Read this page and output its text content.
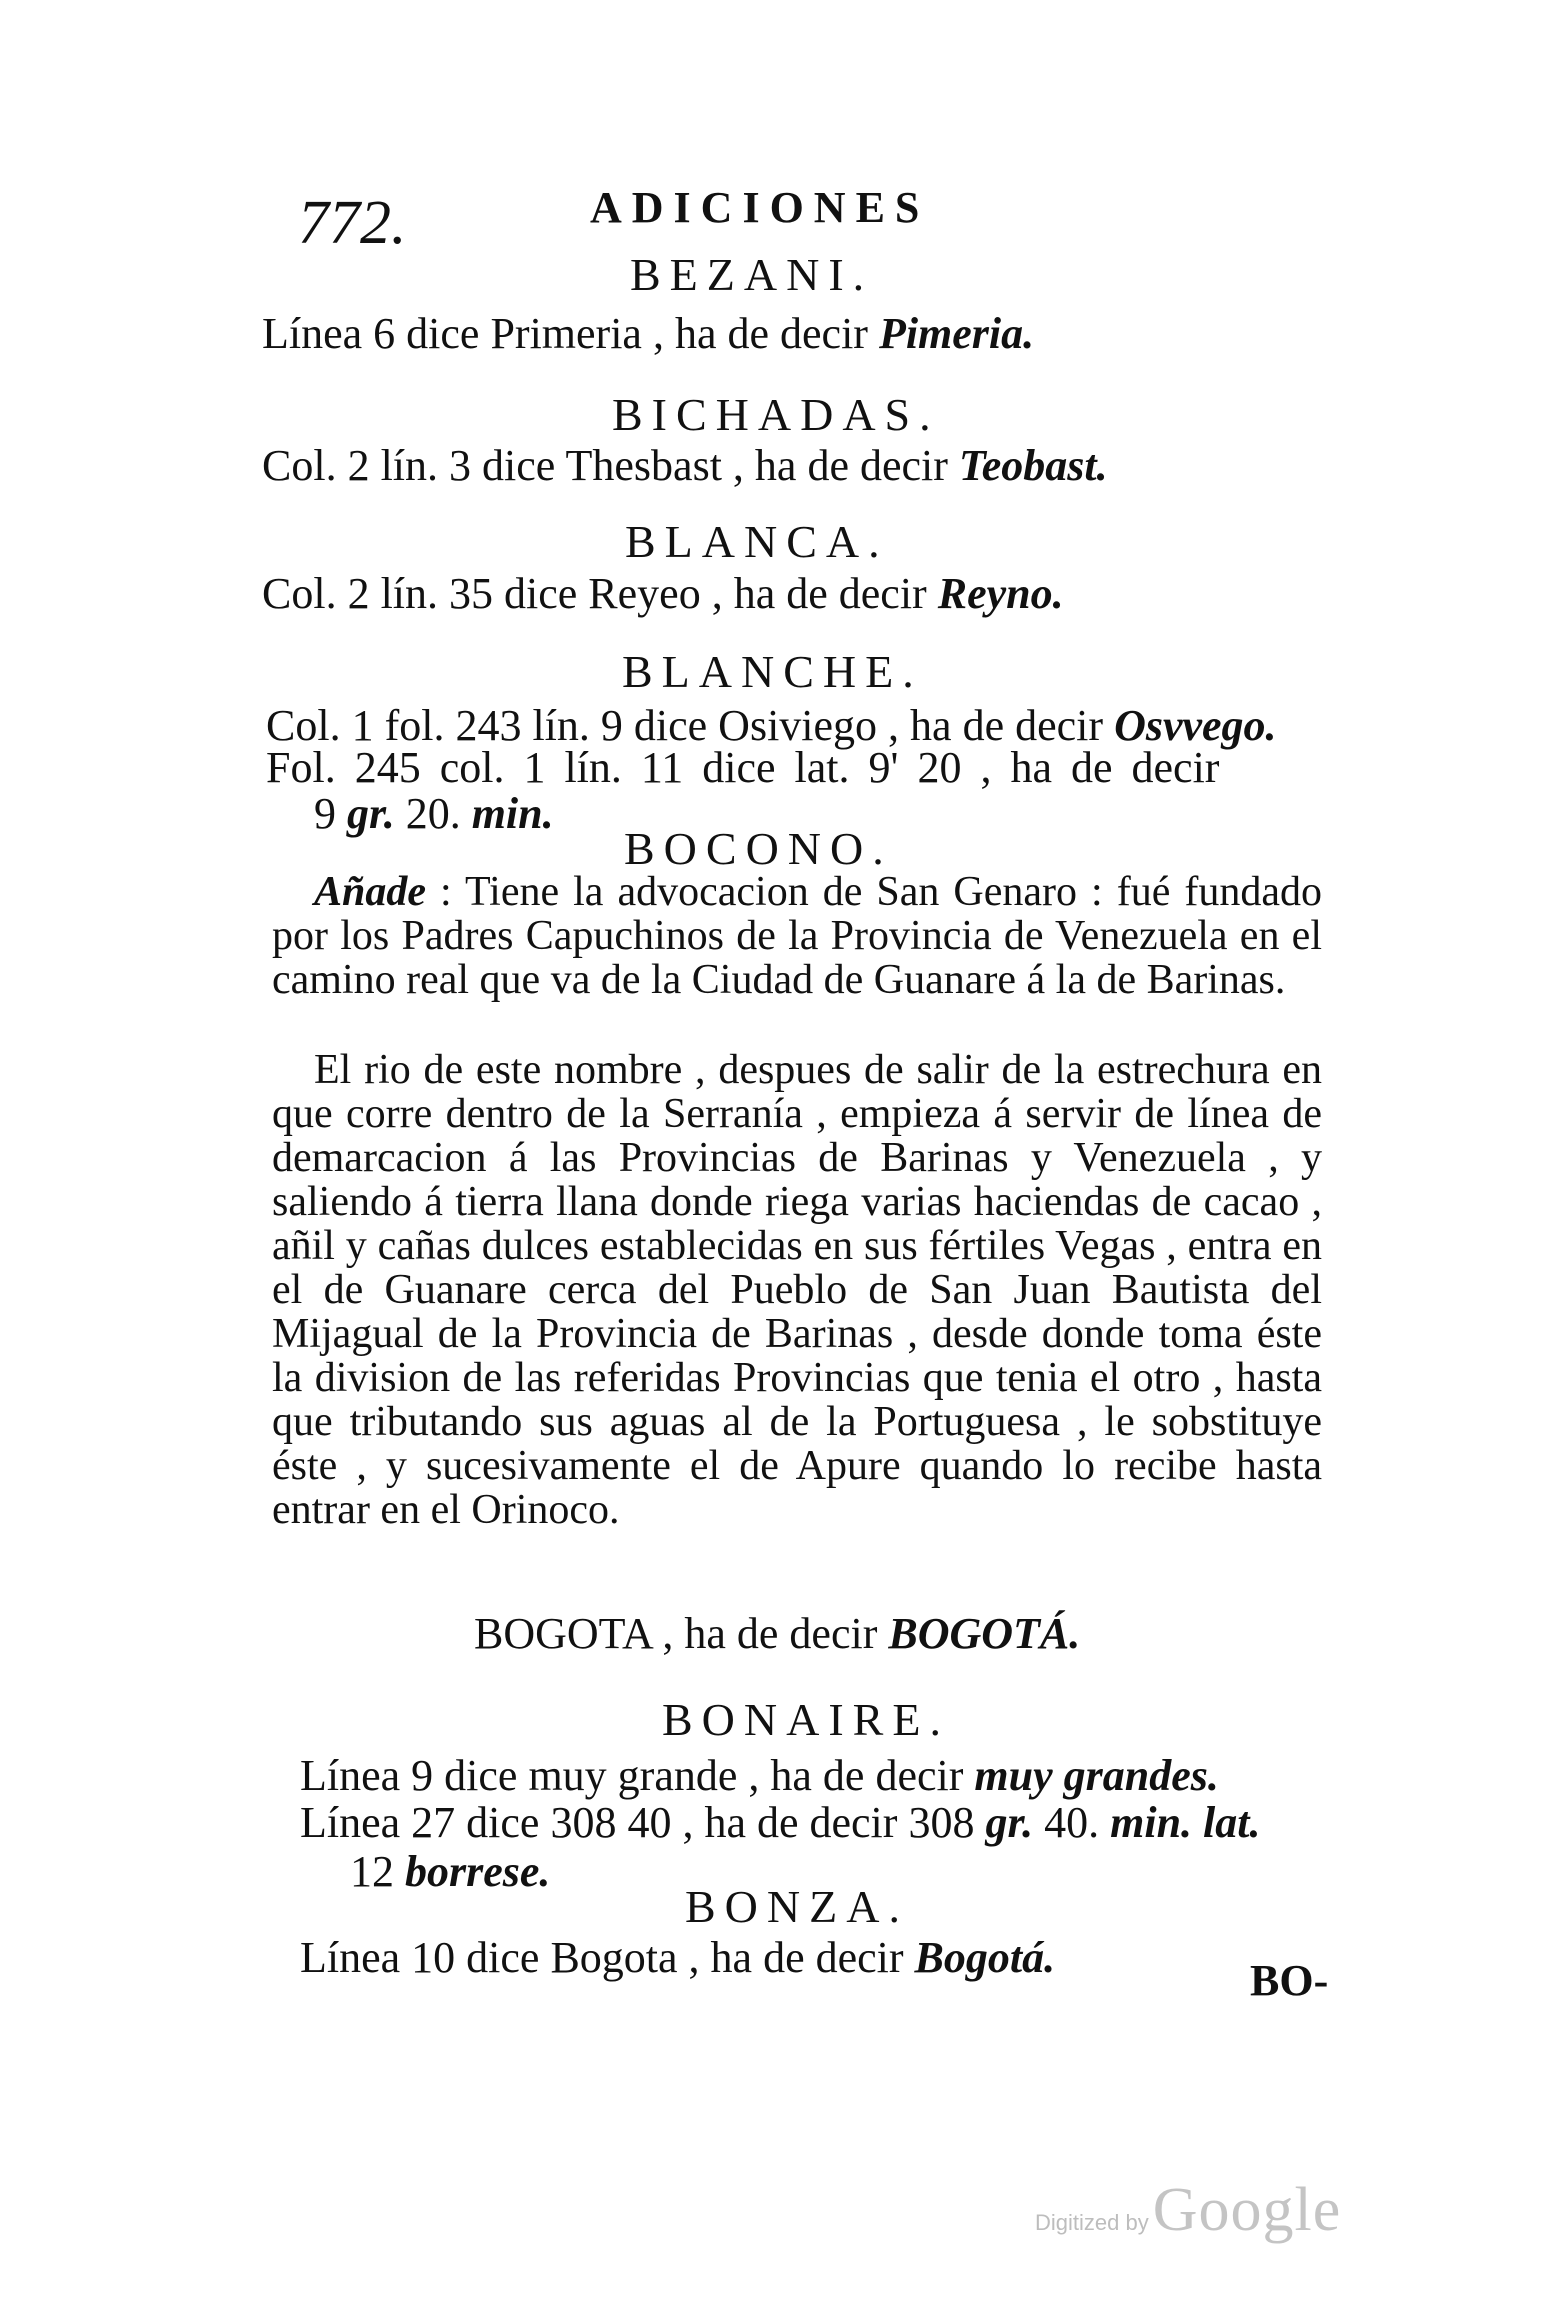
772.	ADICIONES
BEZANI.
Línea 6 dice Primeria , ha de decir Pimeria.
BICHADAS.
Col. 2 lín. 3 dice Thesbast , ha de decir Teobast.
BLANCA.
Col. 2 lín. 35 dice Reyeo , ha de decir Reyno.
BLANCHE.
Col. 1 fol. 243 lín. 9 dice Osiviego , ha de decir Osvvego.
Fol. 245 col. 1 lín. 11 dice lat. 9' 20 , ha de decir
9 gr. 20. min.
BOCONO.
Añade : Tiene la advocacion de San Genaro : fué fundado por los Padres Capuchinos de la Provincia de Venezuela en el camino real que va de la Ciudad de Guanare á la de Barinas.
El rio de este nombre , despues de salir de la estrechura en que corre dentro de la Serranía , empieza á servir de línea de demarcacion á las Provincias de Barinas y Venezuela , y saliendo á tierra llana donde riega varias haciendas de cacao , añil y cañas dulces establecidas en sus fértiles Vegas , entra en el de Guanare cerca del Pueblo de San Juan Bautista del Mijagual de la Provincia de Barinas , desde donde toma éste la division de las referidas Provincias que tenia el otro , hasta que tributando sus aguas al de la Portuguesa , le sobstituye éste , y sucesivamente el de Apure quando lo recibe hasta entrar en el Orinoco.
BOGOTA , ha de decir BOGOTÁ.
BONAIRE.
Línea 9 dice muy grande , ha de decir muy grandes.
Línea 27 dice 308 40 , ha de decir 308 gr. 40. min. lat.
12 borrese.
BONZA.
Línea 10 dice Bogota , ha de decir Bogotá.	BO-
Digitized by Google
